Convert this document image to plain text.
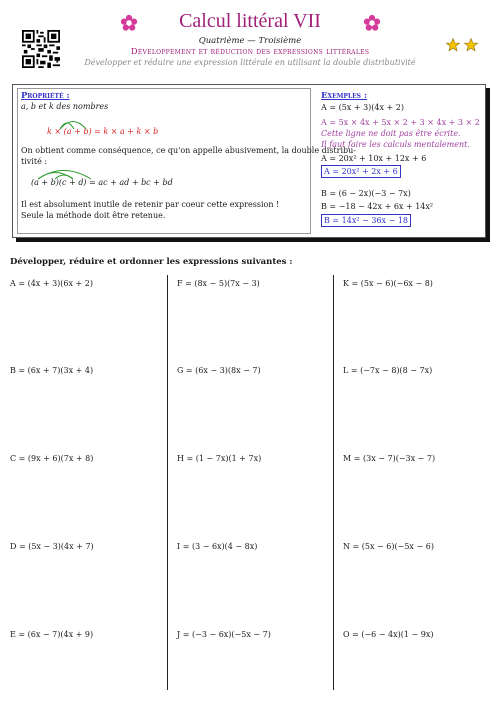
Calcul littéral VII
Quatrième — Troisième
Développement et réduction des expressions littérales
Développer et réduire une expression littérale en utilisant la double distributivité
Propriété :
a, b et k des nombres
k × (a + b) = k × a + k × b
On obtient comme conséquence, ce qu'on appelle abusivement, la double distribu-
tivité :
(a + b)(c + d) = ac + ad + bc + bd
Il est absolument inutile de retenir par coeur cette expression !
Seule la méthode doit être retenue.
Exemples :
A = (5x + 3)(4x + 2)
A = 5x × 4x + 5x × 2 + 3 × 4x + 3 × 2
Cette ligne ne doit pas être écrite.
Il faut faire les calculs mentalement.
A = 20x² + 10x + 12x + 6
A = 20x² + 2x + 6
B = (6 − 2x)(−3 − 7x)
B = −18 − 42x + 6x + 14x²
B = 14x² − 36x − 18
Développer, réduire et ordonner les expressions suivantes :
A = (4x + 3)(6x + 2)
B = (6x + 7)(3x + 4)
C = (9x + 6)(7x + 8)
D = (5x − 3)(4x + 7)
E = (6x − 7)(4x + 9)
F = (8x − 5)(7x − 3)
G = (6x − 3)(8x − 7)
H = (1 − 7x)(1 + 7x)
I = (3 − 6x)(4 − 8x)
J = (−3 − 6x)(−5x − 7)
K = (5x − 6)(−6x − 8)
L = (−7x − 8)(8 − 7x)
M = (3x − 7)(−3x − 7)
N = (5x − 6)(−5x − 6)
O = (−6 − 4x)(1 − 9x)
